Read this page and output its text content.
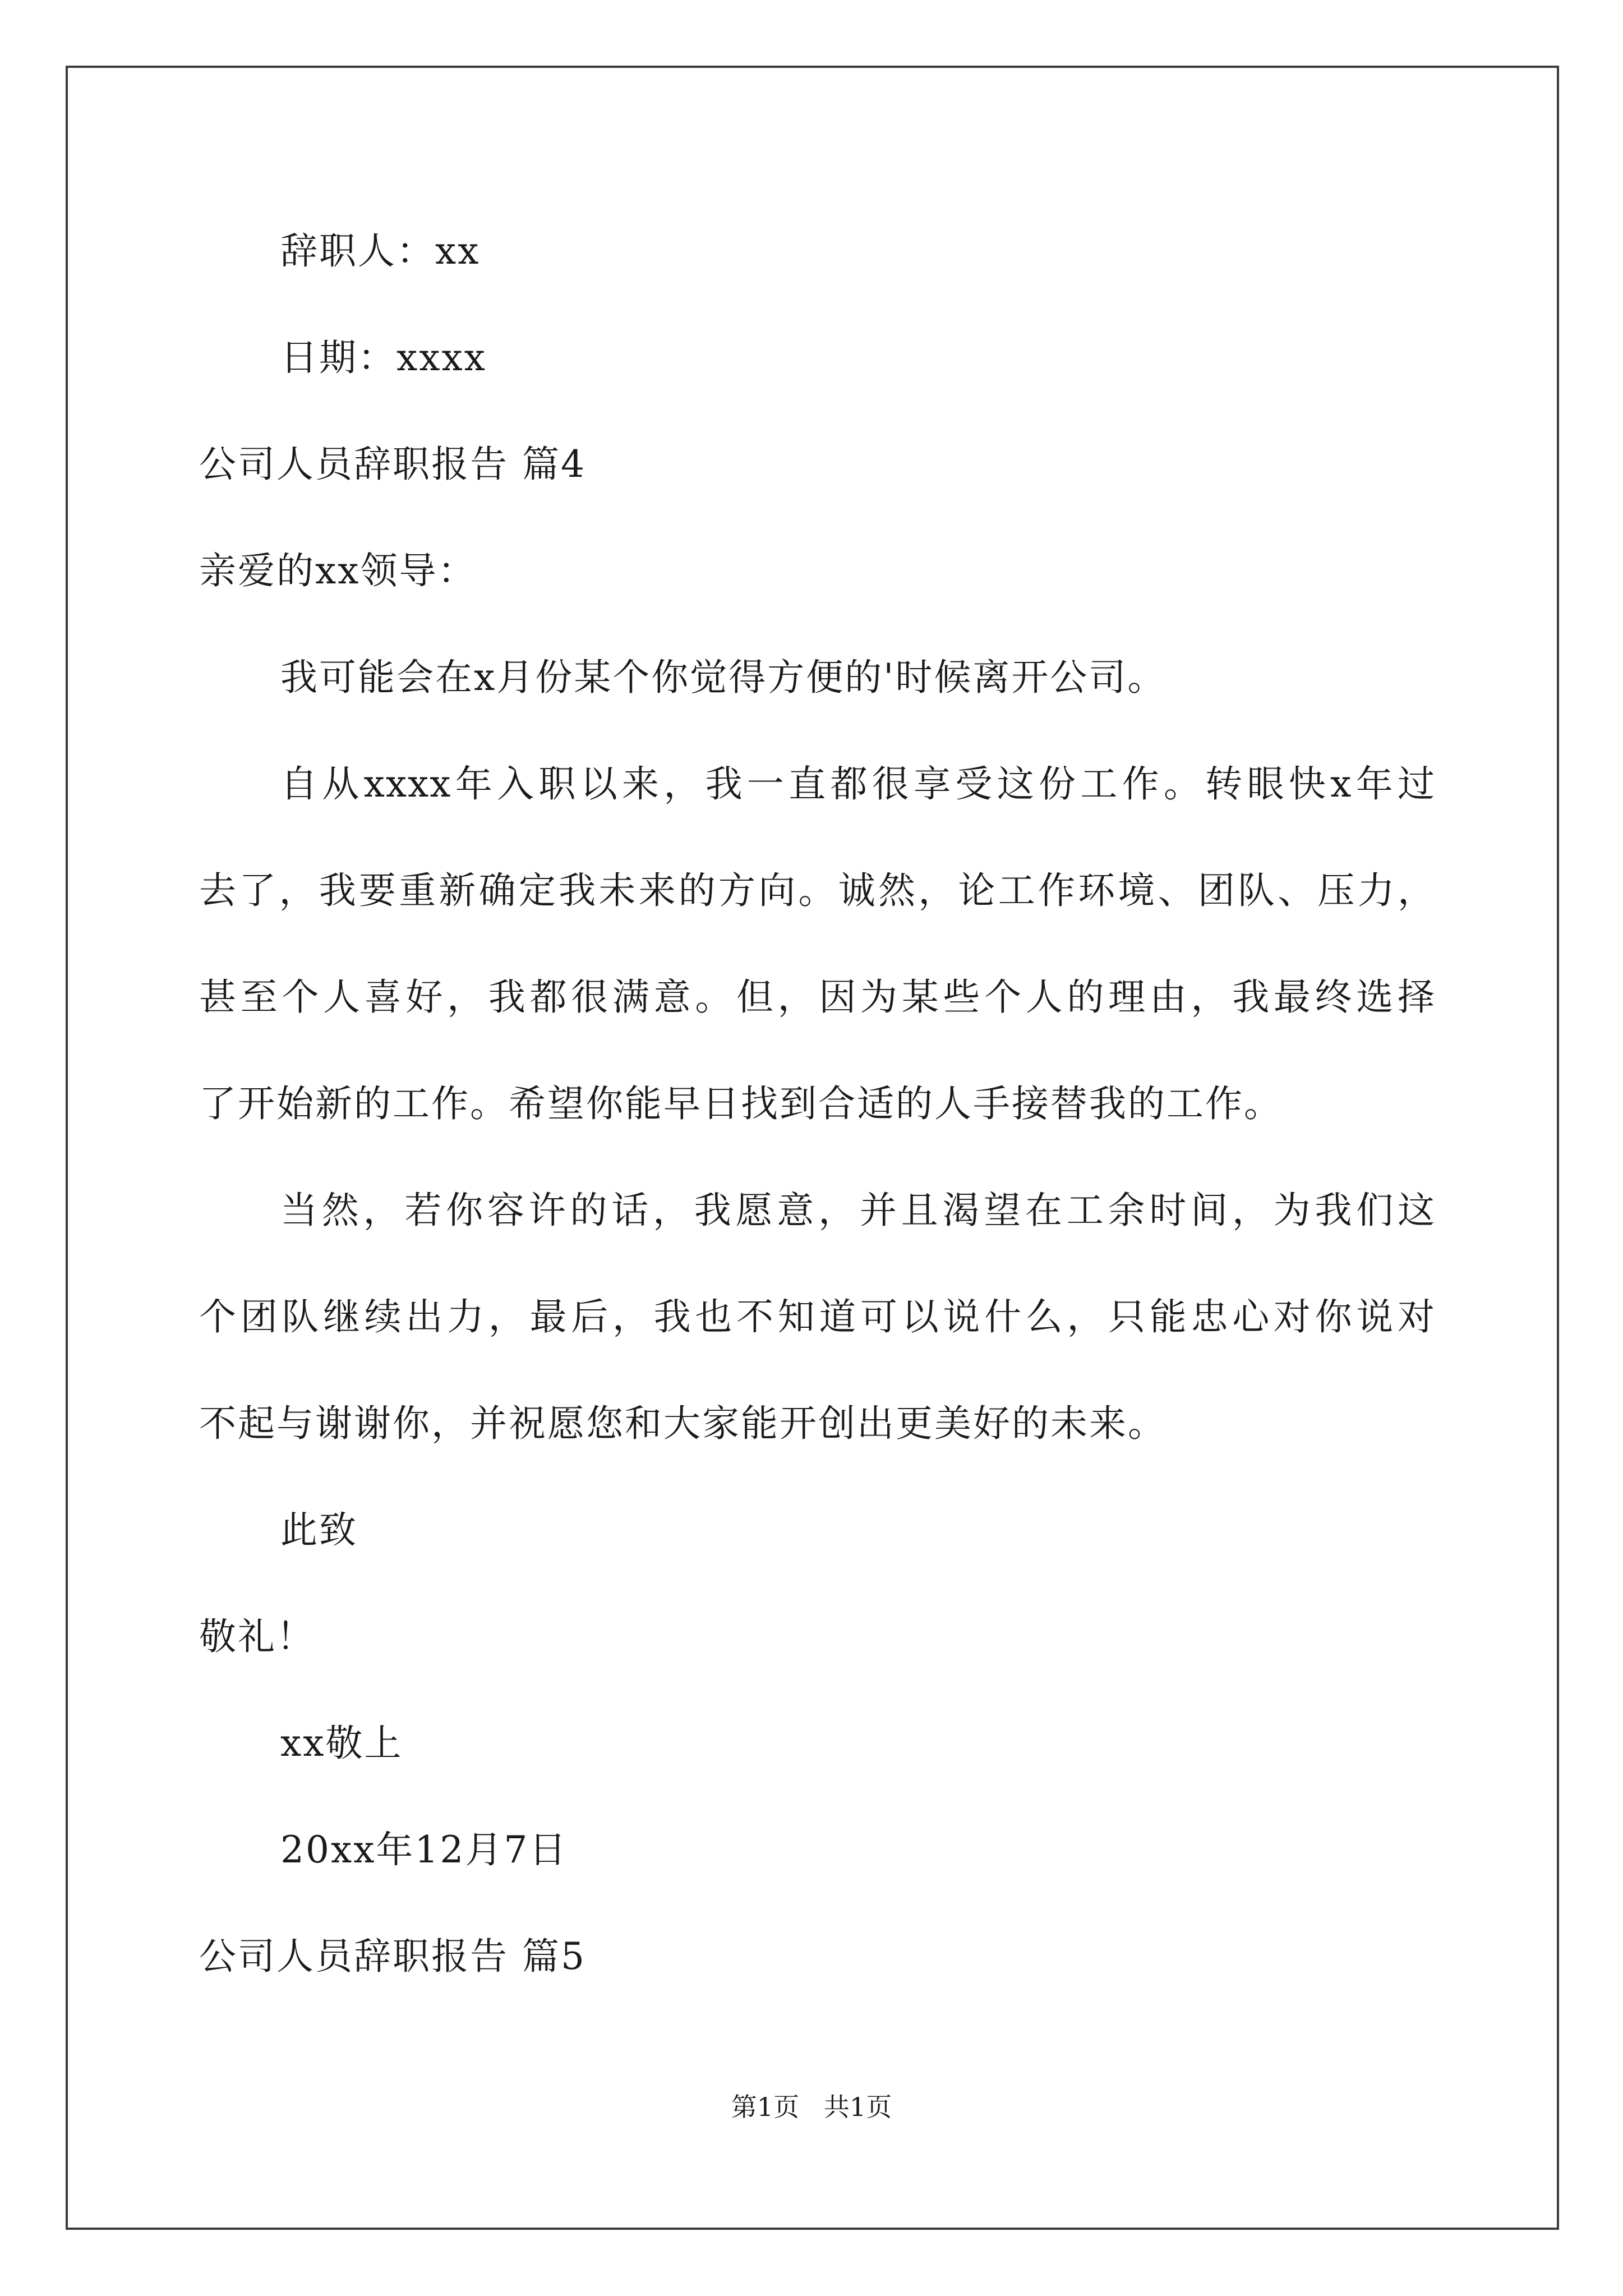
辞职人：xx
日期：xxxx
公司人员辞职报告 篇4
亲爱的xx领导：
我可能会在x月份某个你觉得方便的'时候离开公司。
自从xxxx年入职以来，我一直都很享受这份工作。转眼快x年过
去了，我要重新确定我未来的方向。诚然，论工作环境、团队、压力，
甚至个人喜好，我都很满意。但，因为某些个人的理由，我最终选择
了开始新的工作。希望你能早日找到合适的人手接替我的工作。
当然，若你容许的话，我愿意，并且渴望在工余时间，为我们这
个团队继续出力，最后，我也不知道可以说什么，只能忠心对你说对
不起与谢谢你，并祝愿您和大家能开创出更美好的未来。
此致
敬礼！
xx敬上
20xx年12月7日
公司人员辞职报告 篇5
第1页   共1页
